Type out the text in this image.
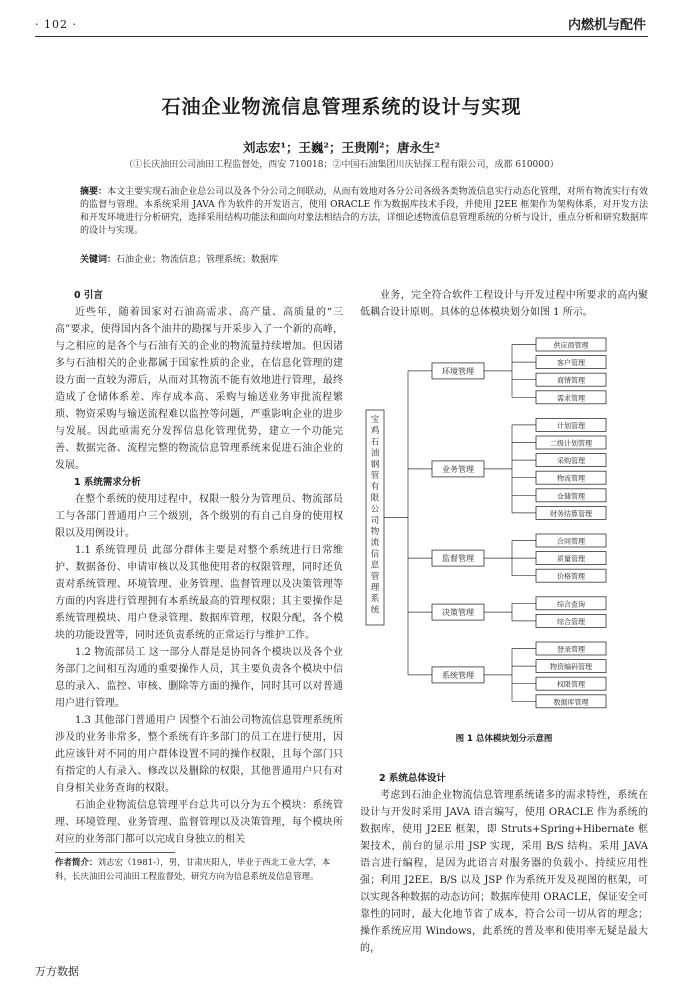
· 102 ·	内燃机与配件
石油企业物流信息管理系统的设计与实现
刘志宏¹；王巍²；王贵刚²；唐永生²
（①长庆油田公司油田工程监督处，西安 710018；②中国石油集团川庆钻探工程有限公司，成都 610000）
摘要：本文主要实现石油企业总公司以及各个分公司之间联动，从而有效地对各分公司各级各类物流信息实行动态化管理，对所有物流实行有效的监督与管理。本系统采用 JAVA 作为软件的开发语言，使用 ORACLE 作为数据库技术手段，并使用 J2EE 框架作为架构体系，对开发方法和开发环境进行分析研究，选择采用结构功能法和面向对象法相结合的方法，详细论述物流信息管理系统的分析与设计，重点分析和研究数据库的设计与实现。
关键词：石油企业；物流信息；管理系统；数据库

0 引言

近些年，随着国家对石油高需求、高产量、高质量的“三高”要求，使得国内各个油井的勘探与开采步入了一个新的高峰，与之相应的是各个与石油有关的企业的物流量持续增加。但因诸多与石油相关的企业都属于国家性质的企业，在信息化管理的建设方面一直较为滞后，从而对其物流不能有效地进行管理，最终造成了仓储体系差、库存成本高、采购与输送业务审批流程繁琐、物资采购与输送流程难以监控等问题，严重影响企业的进步与发展。因此亟需充分发挥信息化管理优势，建立一个功能完善、数据完备、流程完整的物流信息管理系统来促进石油企业的发展。

1 系统需求分析

在整个系统的使用过程中，权限一般分为管理员、物流部员工与各部门普通用户三个级别，各个级别的有自己自身的使用权限以及用例设计。

1.1 系统管理员 此部分群体主要是对整个系统进行日常维护、数据备份、申请审核以及其他使用者的权限管理，同时还负责对系统管理、环境管理、业务管理、监督管理以及决策管理等方面的内容进行管理拥有本系统最高的管理权限；其主要操作是系统管理模块、用户登录管理、数据库管理，权限分配，各个模块的功能设置等，同时还负责系统的正常运行与维护工作。

1.2 物流部员工 这一部分人群是是协同各个模块以及各个业务部门之间相互沟通的重要操作人员，其主要负责各个模块中信息的录入、监控、审核、删除等方面的操作，同时其可以对普通用户进行管理。

1.3 其他部门普通用户 因整个石油公司物流信息管理系统所涉及的业务非常多，整个系统有许多部门的员工在进行使用，因此应该针对不同的用户群体设置不同的操作权限，且每个部门只有指定的人有录入、修改以及删除的权限，其他普通用户只有对自身相关业务查询的权限。

石油企业物流信息管理平台总共可以分为五个模块：系统管理、环境管理、业务管理、监督管理以及决策管理，每个模块所对应的业务部门都可以完成自身独立的相关

业务，完全符合软件工程设计与开发过程中所要求的高内聚低耦合设计原则。具体的总体模块划分如图 1 所示。

宝鸡石油钢管有限公司物流信息管理系统
环境管理
供应商管理
客户管理
商情管理
需求管理
业务管理
计划管理
二级计划管理
采购管理
物流管理
仓储管理
财务结算管理
监督管理
合同管理
质量管理
价格管理
决策管理
综合查询
综合管理
系统管理
登录管理
物资编码管理
权限管理
数据库管理
图 1 总体模块划分示意图

2 系统总体设计

考虑到石油企业物流信息管理系统诸多的需求特性，系统在设计与开发时采用 JAVA 语言编写，使用 ORACLE 作为系统的数据库，使用 J2EE 框架，即 Struts+Spring+Hibernate 框架技术，前台的显示用 JSP 实现，采用 B/S 结构。采用 JAVA 语言进行编程，是因为此语言对服务器的负载小、持续应用性强；利用 J2EE、B/S 以及 JSP 作为系统开发及视图的框架，可以实现各种数据的动态访问；数据库使用 ORACLE，保证安全可靠性的同时，最大化地节省了成本，符合公司一切从省的理念；操作系统应用 Windows，此系统的普及率和使用率无疑是最大的，

作者简介：刘志宏（1981-），男，甘肃庆阳人，毕业于西北工业大学，本科，长庆油田公司油田工程监督处，研究方向为信息系统及信息管理。
万方数据
